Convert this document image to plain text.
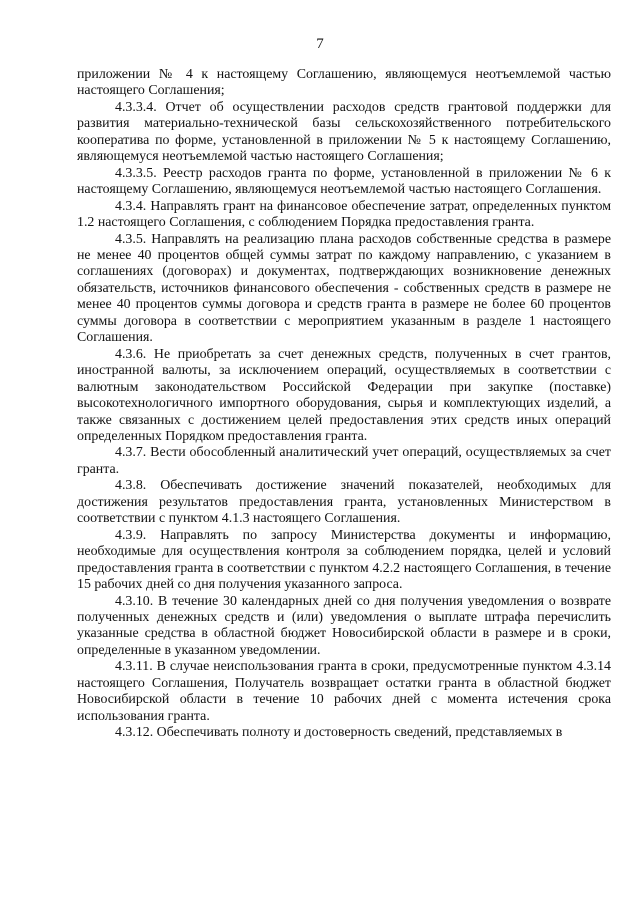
7

приложении № 4 к настоящему Соглашению, являющемуся неотъемлемой частью настоящего Соглашения;

4.3.3.4. Отчет об осуществлении расходов средств грантовой поддержки для развития материально-технической базы сельскохозяйственного потребительского кооператива по форме, установленной в приложении № 5 к настоящему Соглашению, являющемуся неотъемлемой частью настоящего Соглашения;

4.3.3.5. Реестр расходов гранта по форме, установленной в приложении № 6 к настоящему Соглашению, являющемуся неотъемлемой частью настоящего Соглашения.

4.3.4. Направлять грант на финансовое обеспечение затрат, определенных пунктом 1.2 настоящего Соглашения, с соблюдением Порядка предоставления гранта.

4.3.5. Направлять на реализацию плана расходов собственные средства в размере не менее 40 процентов общей суммы затрат по каждому направлению, с указанием в соглашениях (договорах) и документах, подтверждающих возникновение денежных обязательств, источников финансового обеспечения - собственных средств в размере не менее 40 процентов суммы договора и средств гранта в размере не более 60 процентов суммы договора в соответствии с мероприятием указанным в разделе 1 настоящего Соглашения.

4.3.6. Не приобретать за счет денежных средств, полученных в счет грантов, иностранной валюты, за исключением операций, осуществляемых в соответствии с валютным законодательством Российской Федерации при закупке (поставке) высокотехнологичного импортного оборудования, сырья и комплектующих изделий, а также связанных с достижением целей предоставления этих средств иных операций определенных Порядком предоставления гранта.

4.3.7. Вести обособленный аналитический учет операций, осуществляемых за счет гранта.

4.3.8. Обеспечивать достижение значений показателей, необходимых для достижения результатов предоставления гранта, установленных Министерством в соответствии с пунктом 4.1.3 настоящего Соглашения.

4.3.9. Направлять по запросу Министерства документы и информацию, необходимые для осуществления контроля за соблюдением порядка, целей и условий предоставления гранта в соответствии с пунктом 4.2.2 настоящего Соглашения, в течение 15 рабочих дней со дня получения указанного запроса.

4.3.10. В течение 30 календарных дней со дня получения уведомления о возврате полученных денежных средств и (или) уведомления о выплате штрафа перечислить указанные средства в областной бюджет Новосибирской области в размере и в сроки, определенные в указанном уведомлении.

4.3.11. В случае неиспользования гранта в сроки, предусмотренные пунктом 4.3.14 настоящего Соглашения, Получатель возвращает остатки гранта в областной бюджет Новосибирской области в течение 10 рабочих дней с момента истечения срока использования гранта.

4.3.12. Обеспечивать полноту и достоверность сведений, представляемых в
